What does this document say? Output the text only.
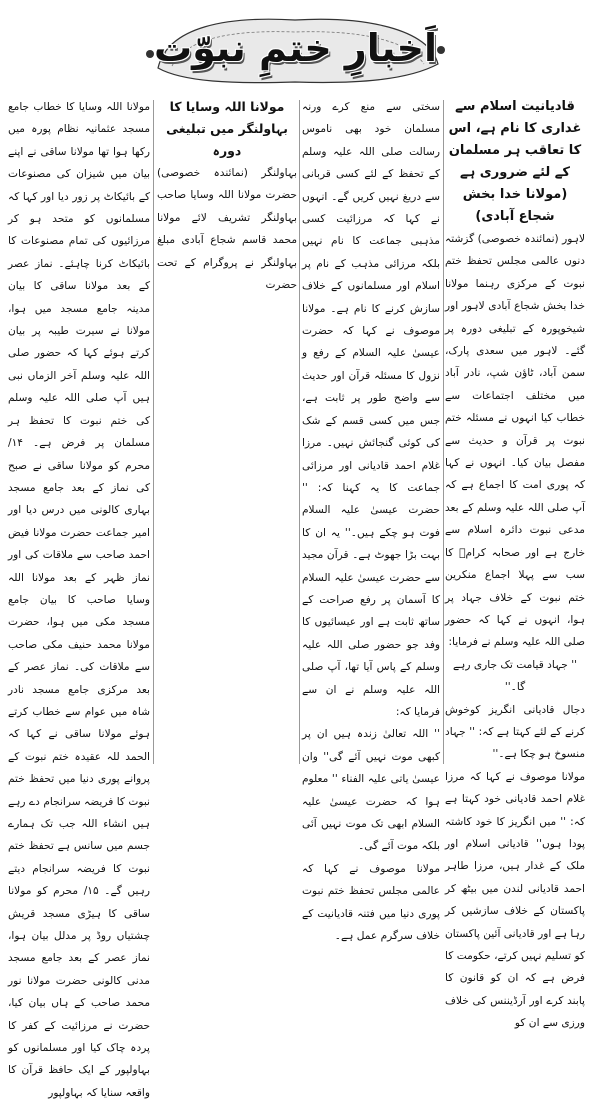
اَخبارِ ختمِ نبوّت

قادیانیت اسلام سے غداری کا نام ہے، اس کا تعاقب ہر مسلمان کے لئے ضروری ہے (مولانا خدا بخش شجاع آبادی)

لاہور (نمائندہ خصوصی) گزشتہ دنوں عالمی مجلس تحفظ ختم نبوت کے مرکزی رہنما مولانا خدا بخش شجاع آبادی لاہور اور شیخوپورہ کے تبلیغی دورہ پر گئے۔ لاہور میں سعدی پارک، سمن آباد، ٹاؤن شپ، نادر آباد میں مختلف اجتماعات سے خطاب کیا انہوں نے مسئلہ ختم نبوت پر قرآن و حدیث سے مفصل بیان کیا۔ انہوں نے کہا کہ پوری امت کا اجماع ہے کہ آپ صلی اللہ علیہ وسلم کے بعد مدعی نبوت دائرہ اسلام سے خارج ہے اور صحابہ کرامؓ کا سب سے پہلا اجماع منکرین ختم نبوت کے خلاف جہاد پر ہوا، انہوں نے کہا کہ حضور صلی اللہ علیہ وسلم نے فرمایا:

'' جہاد قیامت تک جاری رہے گا۔''

دجال قادیانی انگریز کوخوش کرنے کے لئے کہتا ہے کہ: '' جہاد منسوخ ہو چکا ہے۔''

مولانا موصوف نے کہا کہ مرزا غلام احمد قادیانی خود کہتا ہے کہ: '' میں انگریز کا خود کاشتہ پودا ہوں'' قادیانی اسلام اور ملک کے غدار ہیں، مرزا طاہر احمد قادیانی لندن میں بیٹھ کر پاکستان کے خلاف سازشیں کر رہا ہے اور قادیانی آئین پاکستان کو تسلیم نہیں کرتے، حکومت کا فرض ہے کہ ان کو قانون کا پابند کرے اور آرڈیننس کی خلاف ورزی سے ان کو

سختی سے منع کرے ورنہ مسلمان خود بھی ناموس رسالت صلی اللہ علیہ وسلم کے تحفظ کے لئے کسی قربانی سے دریغ نہیں کریں گے۔ انہوں نے کہا کہ مرزائیت کسی مذہبی جماعت کا نام نہیں بلکہ مرزائی مذہب کے نام پر اسلام اور مسلمانوں کے خلاف سازش کرنے کا نام ہے۔ مولانا موصوف نے کہا کہ حضرت عیسیٰ علیہ السلام کے رفع و نزول کا مسئلہ قرآن اور حدیث سے واضح طور پر ثابت ہے، جس میں کسی قسم کے شک کی کوئی گنجائش نہیں۔ مرزا غلام احمد قادیانی اور مرزائی جماعت کا یہ کہنا کہ: '' حضرت عیسیٰ علیہ السلام فوت ہو چکے ہیں۔'' یہ ان کا بہت بڑا جھوٹ ہے۔ قرآن مجید سے حضرت عیسیٰ علیہ السلام کا آسمان پر رفع صراحت کے ساتھ ثابت ہے اور عیسائیوں کا وفد جو حضور صلی اللہ علیہ وسلم کے پاس آیا تھا، آپ صلی اللہ علیہ وسلم نے ان سے فرمایا کہ:

'' اللہ تعالیٰ زندہ ہیں ان پر کبھی موت نہیں آئے گی'' وان عیسیٰ یاتی علیہ الفناء '' معلوم ہوا کہ حضرت عیسیٰ علیہ السلام ابھی تک موت نہیں آئی بلکہ موت آئے گی۔

مولانا موصوف نے کہا کہ عالمی مجلس تحفظ ختم نبوت پوری دنیا میں فتنہ قادیانیت کے خلاف سرگرم عمل ہے۔

مولانا اللہ وسایا کا بہاولنگر میں تبلیغی دورہ

بہاولنگر (نمائندہ خصوصی) حضرت مولانا اللہ وسایا صاحب بہاولنگر تشریف لائے مولانا محمد قاسم شجاع آبادی مبلغ بہاولنگر نے پروگرام کے تحت حضرت

مولانا اللہ وسایا کا خطاب جامع مسجد عثمانیہ نظام پورہ میں رکھا ہوا تھا مولانا ساقی نے اپنے بیان میں شیزان کی مصنوعات کے بائیکاٹ پر زور دیا اور کہا کہ مسلمانوں کو متحد ہو کر مرزائیوں کی تمام مصنوعات کا بائیکاٹ کرنا چاہئے۔ نماز عصر کے بعد مولانا ساقی کا بیان مدینہ جامع مسجد میں ہوا، مولانا نے سیرت طیبہ پر بیان کرتے ہوئے کہا کہ حضور صلی اللہ علیہ وسلم آخر الزماں نبی ہیں آپ صلی اللہ علیہ وسلم کی ختم نبوت کا تحفظ ہر مسلمان پر فرض ہے۔ ۱۴/ محرم کو مولانا ساقی نے صبح کی نماز کے بعد جامع مسجد بہاری کالونی میں درس دیا اور امیر جماعت حضرت مولانا فیض احمد صاحب سے ملاقات کی اور نماز ظہر کے بعد مولانا اللہ وسایا صاحب کا بیان جامع مسجد مکی میں ہوا، حضرت مولانا محمد حنیف مکی صاحب سے ملاقات کی۔ نماز عصر کے بعد مرکزی جامع مسجد نادر شاہ میں عوام سے خطاب کرتے ہوئے مولانا ساقی نے کہا کہ الحمد للہ عقیدہ ختم نبوت کے پروانے پوری دنیا میں تحفظ ختم نبوت کا فریضہ سرانجام دے رہے ہیں انشاء اللہ جب تک ہمارے جسم میں سانس ہے تحفظ ختم نبوت کا فریضہ سرانجام دیتے رہیں گے۔ ۱۵/ محرم کو مولانا ساقی کا ہیڑی مسجد قریش چشتیاں روڈ پر مدلل بیان ہوا، نماز عصر کے بعد جامع مسجد مدنی کالونی حضرت مولانا نور محمد صاحب کے ہاں بیان کیا، حضرت نے مرزائیت کے کفر کا پردہ چاک کیا اور مسلمانوں کو بہاولپور کے ایک حافظ قرآن کا واقعہ سنایا کہ بہاولپور
